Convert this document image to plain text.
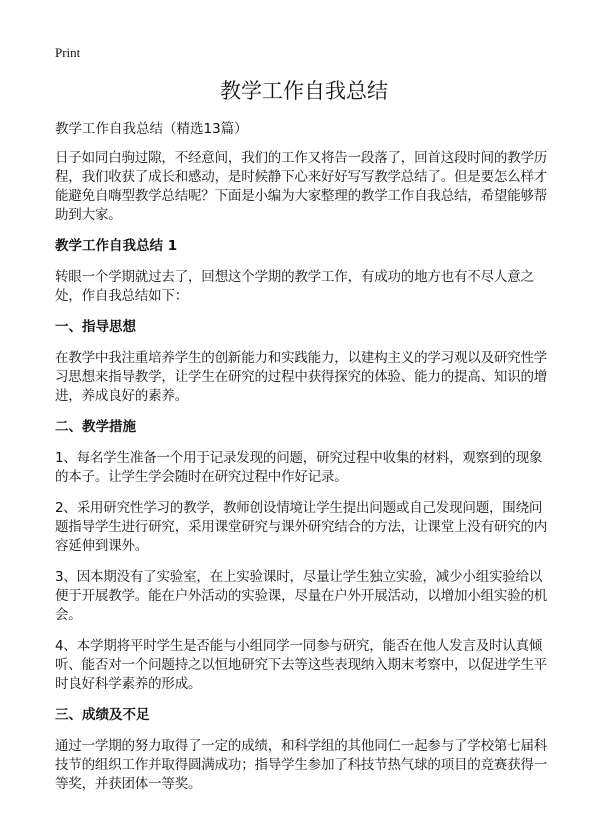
Print
教学工作自我总结
教学工作自我总结（精选13篇）

日子如同白驹过隙，不经意间，我们的工作又将告一段落了，回首这段时间的教学历程，我们收获了成长和感动，是时候静下心来好好写写教学总结了。但是要怎么样才能避免自嗨型教学总结呢？下面是小编为大家整理的教学工作自我总结，希望能够帮助到大家。

教学工作自我总结 1

转眼一个学期就过去了，回想这个学期的教学工作，有成功的地方也有不尽人意之处，作自我总结如下：

一、指导思想

在教学中我注重培养学生的创新能力和实践能力，以建构主义的学习观以及研究性学习思想来指导教学，让学生在研究的过程中获得探究的体验、能力的提高、知识的增进，养成良好的素养。

二、教学措施

1、每名学生准备一个用于记录发现的问题，研究过程中收集的材料，观察到的现象的本子。让学生学会随时在研究过程中作好记录。

2、采用研究性学习的教学，教师创设情境让学生提出问题或自己发现问题，围绕问题指导学生进行研究，采用课堂研究与课外研究结合的方法，让课堂上没有研究的内容延伸到课外。

3、因本期没有了实验室，在上实验课时，尽量让学生独立实验，减少小组实验给以便于开展教学。能在户外活动的实验课，尽量在户外开展活动，以增加小组实验的机会。

4、本学期将平时学生是否能与小组同学一同参与研究，能否在他人发言及时认真倾听、能否对一个问题持之以恒地研究下去等这些表现纳入期末考察中，以促进学生平时良好科学素养的形成。

三、成绩及不足

通过一学期的努力取得了一定的成绩，和科学组的其他同仁一起参与了学校第七届科技节的组织工作并取得圆满成功；指导学生参加了科技节热气球的项目的竞赛获得一等奖，并获团体一等奖。
